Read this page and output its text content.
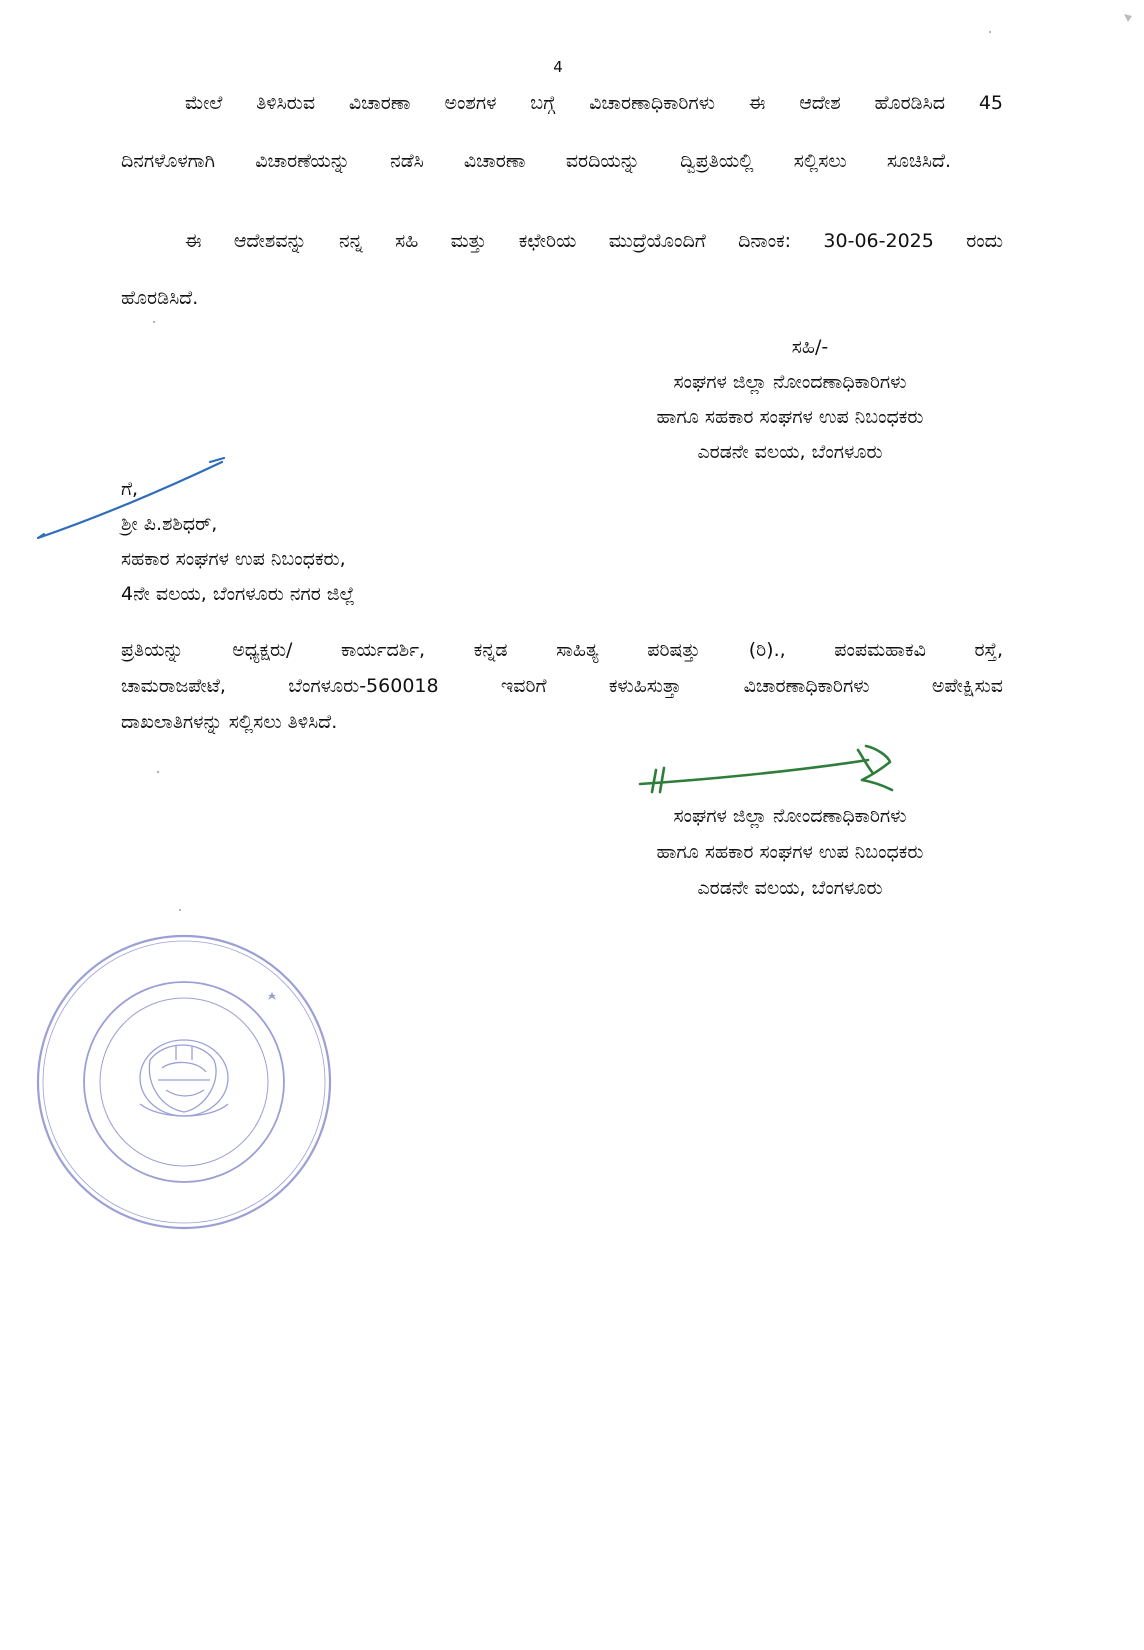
4
ಮೇಲೆ ತಿಳಿಸಿರುವ ವಿಚಾರಣಾ ಅಂಶಗಳ ಬಗ್ಗೆ ವಿಚಾರಣಾಧಿಕಾರಿಗಳು ಈ ಆದೇಶ ಹೊರಡಿಸಿದ 45
ದಿನಗಳೊಳಗಾಗಿ ವಿಚಾರಣೆಯನ್ನು ನಡೆಸಿ ವಿಚಾರಣಾ ವರದಿಯನ್ನು ದ್ವಿಪ್ರತಿಯಲ್ಲಿ ಸಲ್ಲಿಸಲು ಸೂಚಿಸಿದೆ.
ಈ ಆದೇಶವನ್ನು ನನ್ನ ಸಹಿ ಮತ್ತು ಕಛೇರಿಯ ಮುದ್ರೆಯೊಂದಿಗೆ ದಿನಾಂಕ: 30-06-2025 ರಂದು
ಹೊರಡಿಸಿದೆ.
ಸಹಿ/-
ಸಂಘಗಳ ಜಿಲ್ಲಾ ನೋಂದಣಾಧಿಕಾರಿಗಳು
ಹಾಗೂ ಸಹಕಾರ ಸಂಘಗಳ ಉಪ ನಿಬಂಧಕರು
ಎರಡನೇ ವಲಯ, ಬೆಂಗಳೂರು
ಗೆ,
ಶ್ರೀ ಪಿ.ಶಶಿಧರ್,
ಸಹಕಾರ ಸಂಘಗಳ ಉಪ ನಿಬಂಧಕರು,
4ನೇ ವಲಯ, ಬೆಂಗಳೂರು ನಗರ ಜಿಲ್ಲೆ
ಪ್ರತಿಯನ್ನು ಅಧ್ಯಕ್ಷರು/ ಕಾರ್ಯದರ್ಶಿ, ಕನ್ನಡ ಸಾಹಿತ್ಯ ಪರಿಷತ್ತು (ರಿ)., ಪಂಪಮಹಾಕವಿ ರಸ್ತೆ,
ಚಾಮರಾಜಪೇಟೆ, ಬೆಂಗಳೂರು-560018 ಇವರಿಗೆ ಕಳುಹಿಸುತ್ತಾ ವಿಚಾರಣಾಧಿಕಾರಿಗಳು ಅಪೇಕ್ಷಿಸುವ
ದಾಖಲಾತಿಗಳನ್ನು ಸಲ್ಲಿಸಲು ತಿಳಿಸಿದೆ.
ಸಂಘಗಳ ಜಿಲ್ಲಾ ನೋಂದಣಾಧಿಕಾರಿಗಳು
ಹಾಗೂ ಸಹಕಾರ ಸಂಘಗಳ ಉಪ ನಿಬಂಧಕರು
ಎರಡನೇ ವಲಯ, ಬೆಂಗಳೂರು
